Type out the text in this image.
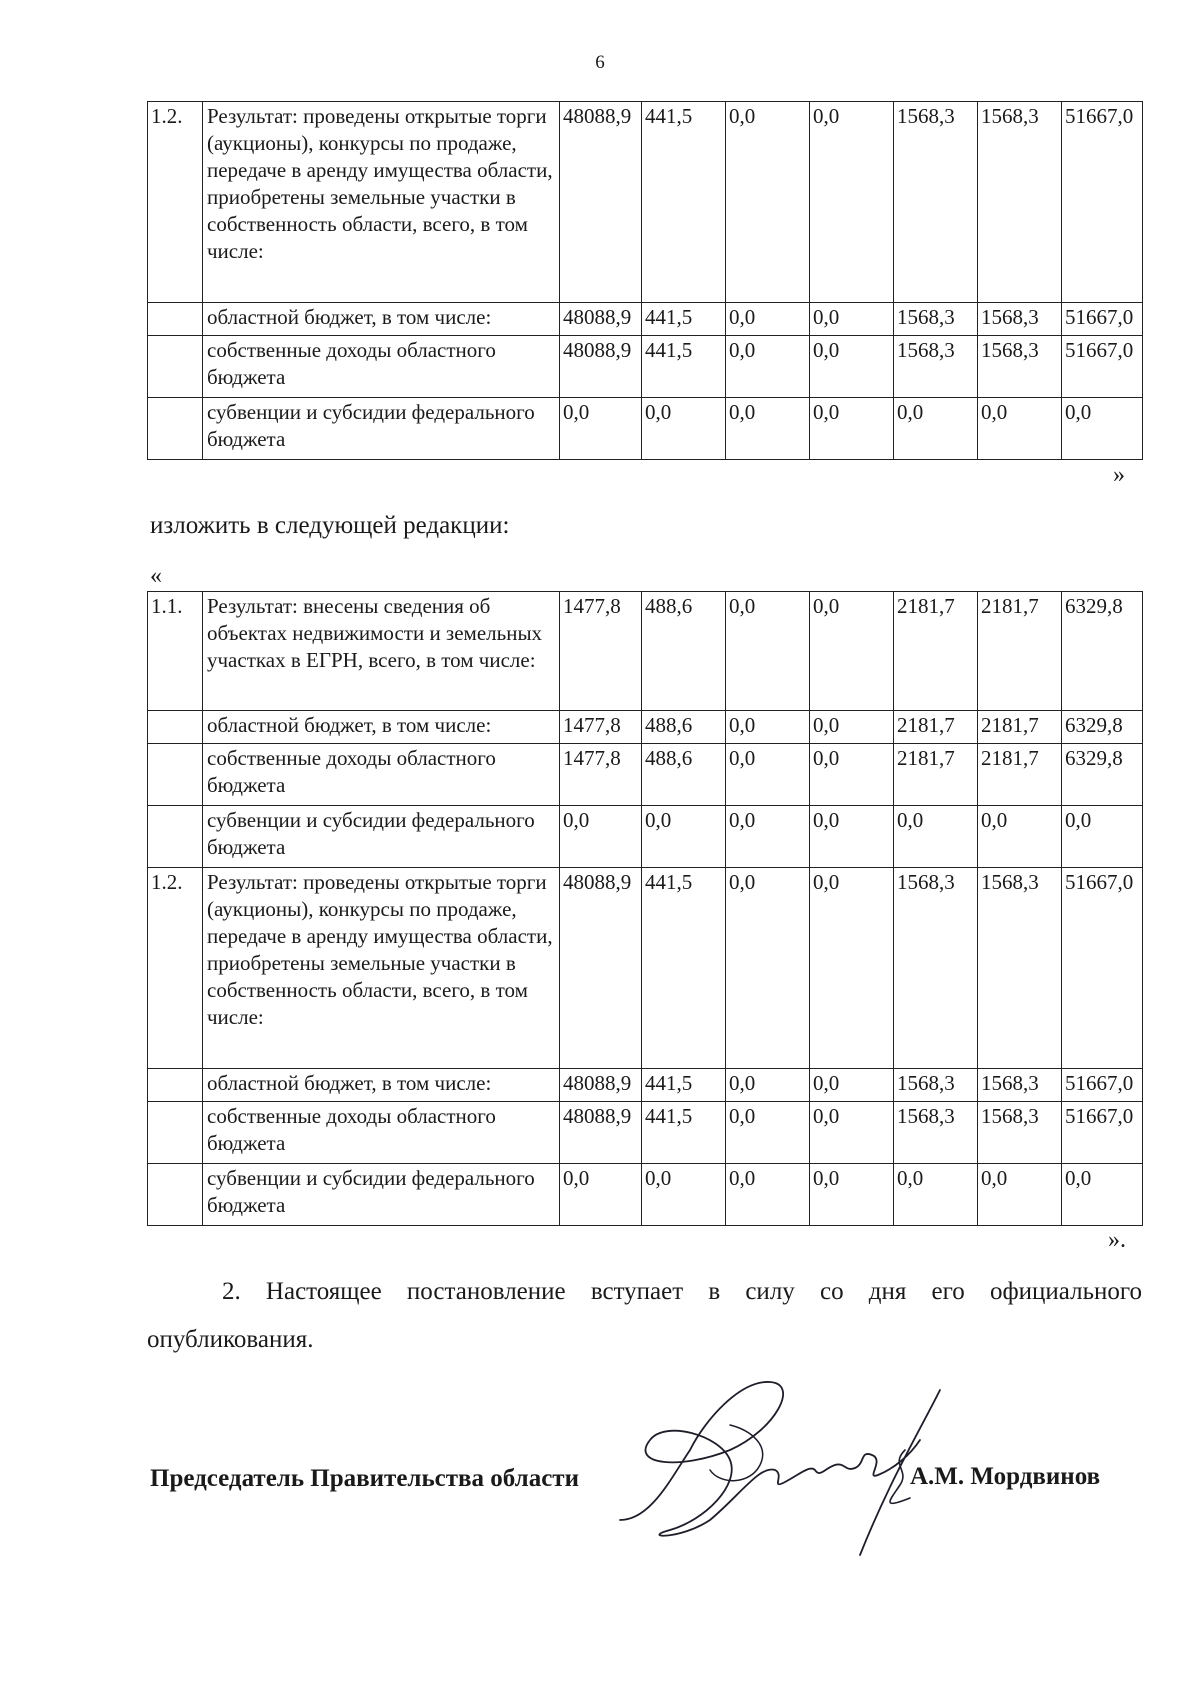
6
1.2.	Результат: проведены открытые торги (аукционы), конкурсы по продаже, передаче в аренду имущества области, приобретены земельные участки в собственность области, всего, в том числе:	48088,9	441,5	0,0	0,0	1568,3	1568,3	51667,0
	областной бюджет, в том числе:	48088,9	441,5	0,0	0,0	1568,3	1568,3	51667,0
	собственные доходы областного бюджета	48088,9	441,5	0,0	0,0	1568,3	1568,3	51667,0
	субвенции и субсидии федерального бюджета	0,0	0,0	0,0	0,0	0,0	0,0	0,0
»
изложить в следующей редакции:
«
1.1.	Результат: внесены сведения об объектах недвижимости и земельных участках в ЕГРН, всего, в том числе:	1477,8	488,6	0,0	0,0	2181,7	2181,7	6329,8
	областной бюджет, в том числе:	1477,8	488,6	0,0	0,0	2181,7	2181,7	6329,8
	собственные доходы областного бюджета	1477,8	488,6	0,0	0,0	2181,7	2181,7	6329,8
	субвенции и субсидии федерального бюджета	0,0	0,0	0,0	0,0	0,0	0,0	0,0
1.2.	Результат: проведены открытые торги (аукционы), конкурсы по продаже, передаче в аренду имущества области, приобретены земельные участки в собственность области, всего, в том числе:	48088,9	441,5	0,0	0,0	1568,3	1568,3	51667,0
	областной бюджет, в том числе:	48088,9	441,5	0,0	0,0	1568,3	1568,3	51667,0
	собственные доходы областного бюджета	48088,9	441,5	0,0	0,0	1568,3	1568,3	51667,0
	субвенции и субсидии федерального бюджета	0,0	0,0	0,0	0,0	0,0	0,0	0,0
».
2. Настоящее постановление вступает в силу со дня его официального опубликования.
Председатель Правительства области	А.М. Мордвинов
